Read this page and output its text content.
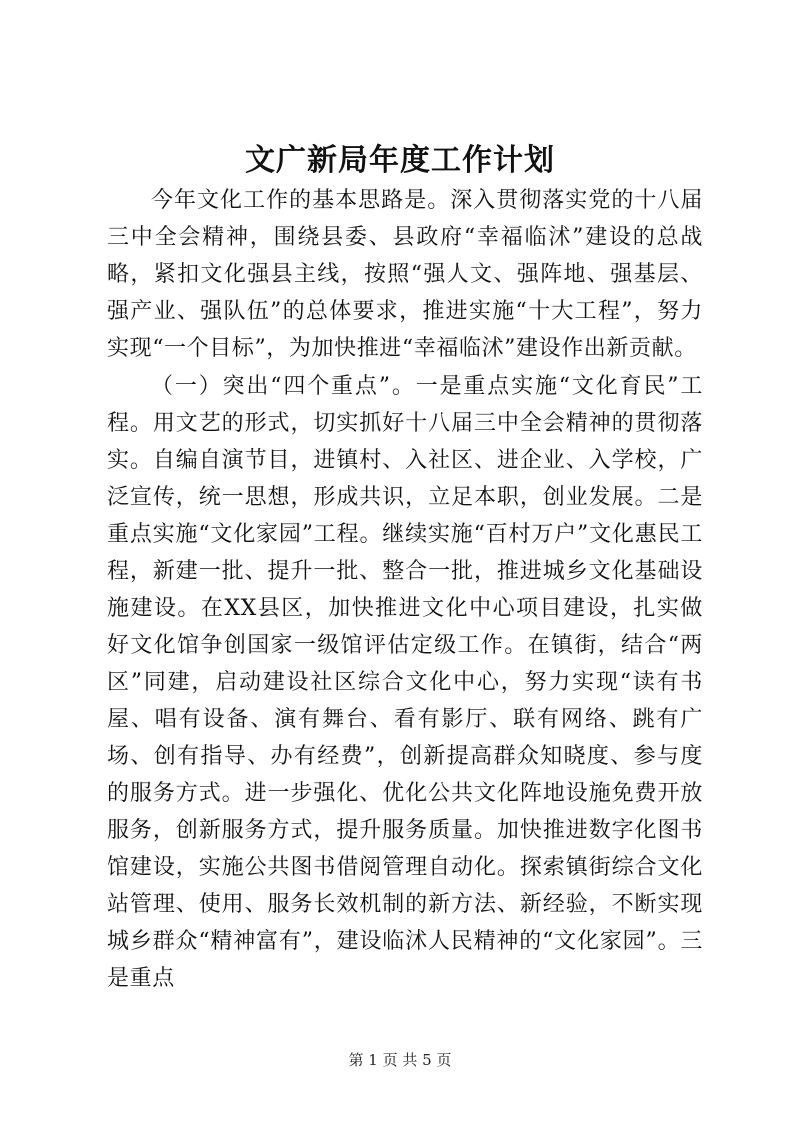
文广新局年度工作计划

今年文化工作的基本思路是。深入贯彻落实党的十八届三中全会精神，围绕县委、县政府“幸福临沭”建设的总战略，紧扣文化强县主线，按照“强人文、强阵地、强基层、强产业、强队伍”的总体要求，推进实施“十大工程”，努力实现“一个目标”，为加快推进“幸福临沭”建设作出新贡献。

（一）突出“四个重点”。一是重点实施“文化育民”工程。用文艺的形式，切实抓好十八届三中全会精神的贯彻落实。自编自演节目，进镇村、入社区、进企业、入学校，广泛宣传，统一思想，形成共识，立足本职，创业发展。二是重点实施“文化家园”工程。继续实施“百村万户”文化惠民工程，新建一批、提升一批、整合一批，推进城乡文化基础设施建设。在XX县区，加快推进文化中心项目建设，扎实做好文化馆争创国家一级馆评估定级工作。在镇街，结合“两区”同建，启动建设社区综合文化中心，努力实现“读有书屋、唱有设备、演有舞台、看有影厅、联有网络、跳有广场、创有指导、办有经费”，创新提高群众知晓度、参与度的服务方式。进一步强化、优化公共文化阵地设施免费开放服务，创新服务方式，提升服务质量。加快推进数字化图书馆建设，实施公共图书借阅管理自动化。探索镇街综合文化站管理、使用、服务长效机制的新方法、新经验，不断实现城乡群众“精神富有”，建设临沭人民精神的“文化家园”。三是重点

第 1 页 共 5 页
